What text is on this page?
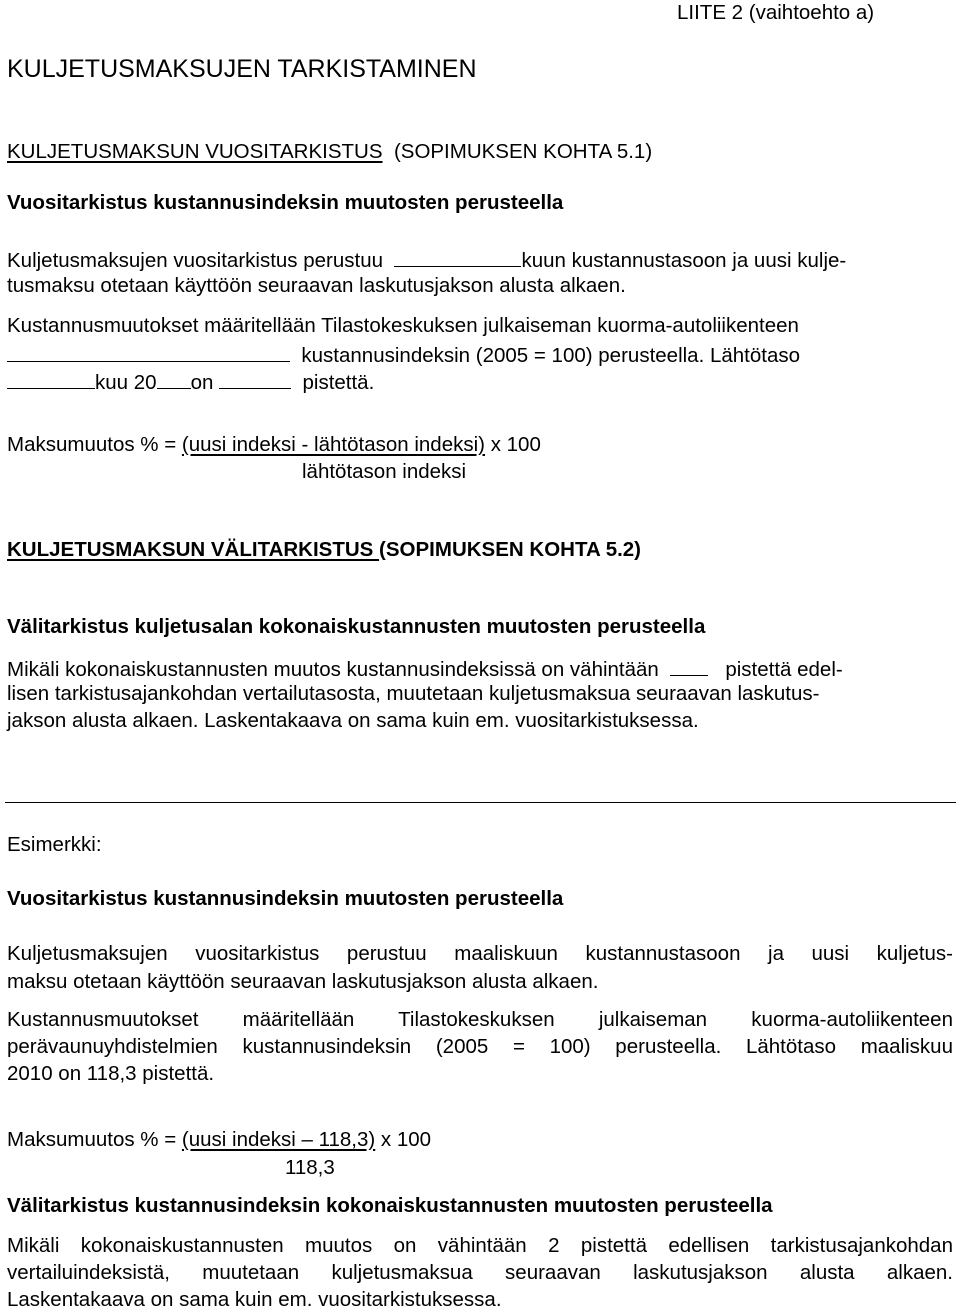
LIITE 2 (vaihtoehto a)
KULJETUSMAKSUJEN TARKISTAMINEN
KULJETUSMAKSUN VUOSITARKISTUS (SOPIMUKSEN KOHTA 5.1)
Vuositarkistus kustannusindeksin muutosten perusteella
Kuljetusmaksujen vuositarkistus perustuu	kuun kustannustasoon ja uusi kulje-
tusmaksu otetaan käyttöön seuraavan laskutusjakson alusta alkaen.
Kustannusmuutokset määritellään Tilastokeskuksen julkaiseman kuorma-autoliikenteen
kustannusindeksin (2005 = 100) perusteella. Lähtötaso
kuu 20 on	pistettä.
Maksumuutos % = (uusi indeksi - lähtötason indeksi) x 100
lähtötason indeksi
KULJETUSMAKSUN VÄLITARKISTUS (SOPIMUKSEN KOHTA 5.2)
Välitarkistus kuljetusalan kokonaiskustannusten muutosten perusteella
Mikäli kokonaiskustannusten muutos kustannusindeksissä on vähintään	pistettä edel-
lisen tarkistusajankohdan vertailutasosta, muutetaan kuljetusmaksua seuraavan laskutus-
jakson alusta alkaen. Laskentakaava on sama kuin em. vuositarkistuksessa.
Esimerkki:
Vuositarkistus kustannusindeksin muutosten perusteella
Kuljetusmaksujen vuositarkistus perustuu maaliskuun kustannustasoon ja uusi kuljetus-
maksu otetaan käyttöön seuraavan laskutusjakson alusta alkaen.
Kustannusmuutokset määritellään Tilastokeskuksen julkaiseman kuorma-autoliikenteen
perävaunuyhdistelmien kustannusindeksin (2005 = 100) perusteella. Lähtötaso maaliskuu
2010 on 118,3 pistettä.
Maksumuutos % = (uusi indeksi – 118,3) x 100
118,3
Välitarkistus kustannusindeksin kokonaiskustannusten muutosten perusteella
Mikäli kokonaiskustannusten muutos on vähintään 2 pistettä edellisen tarkistusajankohdan
vertailuindeksistä, muutetaan kuljetusmaksua seuraavan laskutusjakson alusta alkaen.
Laskentakaava on sama kuin em. vuositarkistuksessa.
